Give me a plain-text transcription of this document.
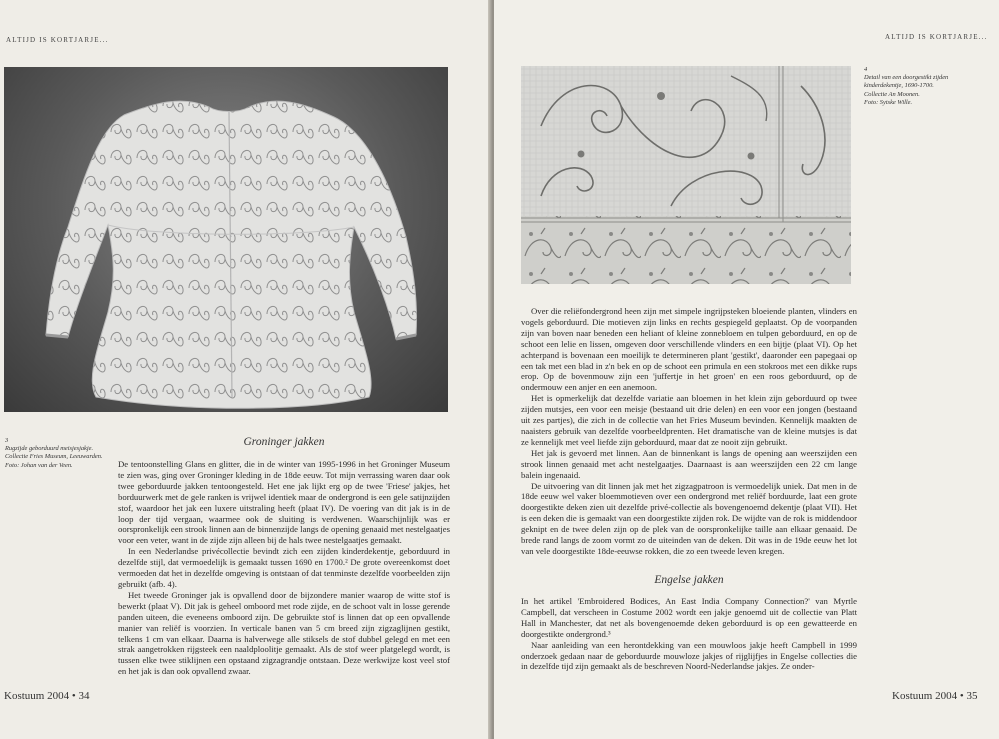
ALTIJD IS KORTJARJE...
3
Rugzijde geborduurd meisjesjakje.
Collectie Fries Museum, Leeuwarden.
Foto: Johan van der Veen.
Groninger jakken

De tentoonstelling Glans en glitter, die in de winter van 1995-1996 in het Groninger Museum te zien was, ging over Groninger kleding in de 18de eeuw. Tot mijn verrassing waren daar ook twee geborduurde jakken tentoongesteld. Het ene jak lijkt erg op de twee 'Friese' jakjes, het borduurwerk met de gele ranken is vrijwel identiek maar de ondergrond is een gele satijnzijden stof, waardoor het jak een luxere uitstraling heeft (plaat IV). De voering van dit jak is in de loop der tijd vergaan, waarmee ook de sluiting is verdwenen. Waarschijnlijk was er oorspronkelijk een strook linnen aan de binnenzijde langs de opening genaaid met nestelgaatjes voor een veter, want in de zijde zijn alleen bij de hals twee nestelgaatjes gemaakt.

In een Nederlandse privécollectie bevindt zich een zijden kinderdekentje, geborduurd in dezelfde stijl, dat vermoedelijk is gemaakt tussen 1690 en 1700.² De grote overeenkomst doet vermoeden dat het in dezelfde omgeving is ontstaan of dat tenminste dezelfde voorbeelden zijn gebruikt (afb. 4).

Het tweede Groninger jak is opvallend door de bijzondere manier waarop de witte stof is bewerkt (plaat V). Dit jak is geheel omboord met rode zijde, en de schoot valt in losse gerende panden uiteen, die eveneens omboord zijn. De gebruikte stof is linnen dat op een opvallende manier van reliëf is voorzien. In verticale banen van 5 cm breed zijn zigzaglijnen gestikt, telkens 1 cm van elkaar. Daarna is halverwege alle stiksels de stof dubbel gelegd en met een strak aangetrokken rijgsteek een naaldploolitje gemaakt. Als de stof weer platgelegd wordt, is tussen elke twee stiklijnen een opstaand zigzagrandje ontstaan. Deze werkwijze kost veel stof en het jak is dan ook opvallend zwaar.

Kostuum 2004 • 34
ALTIJD IS KORTJARJE...
4
Detail van een doorgestikt zijden
kinderdekentje, 1690-1700.
Collectie An Moonen.
Foto: Sytske Wille.

Over die reliëfondergrond heen zijn met simpele ingrijpsteken bloeiende planten, vlinders en vogels geborduurd. Die motieven zijn links en rechts gespiegeld geplaatst. Op de voorpanden zijn van boven naar beneden een heliant of kleine zonnebloem en tulpen geborduurd, en op de schoot een lelie en lissen, omgeven door verschillende vlinders en een bijtje (plaat VI). Op het achterpand is bovenaan een moeilijk te determineren plant 'gestikt', daaronder een papegaai op een tak met een blad in z'n bek en op de schoot een primula en een stokroos met een dikke rups erop. Op de bovenmouw zijn een 'juffertje in het groen' en een roos geborduurd, op de ondermouw een anjer en een anemoon.

Het is opmerkelijk dat dezelfde variatie aan bloemen in het klein zijn geborduurd op twee zijden mutsjes, een voor een meisje (bestaand uit drie delen) en een voor een jongen (bestaand uit zes partjes), die zich in de collectie van het Fries Museum bevinden. Kennelijk maakten de naaisters gebruik van dezelfde voorbeeldprenten. Het dramatische van de kleine mutsjes is dat ze kennelijk met veel liefde zijn geborduurd, maar dat ze nooit zijn gebruikt.

Het jak is gevoerd met linnen. Aan de binnenkant is langs de opening aan weerszijden een strook linnen genaaid met acht nestelgaatjes. Daarnaast is aan weerszijden een 22 cm lange balein ingenaaid.

De uitvoering van dit linnen jak met het zigzagpatroon is vermoedelijk uniek. Dat men in de 18de eeuw wel vaker bloemmotieven over een ondergrond met reliëf borduurde, laat een grote doorgestikte deken zien uit dezelfde privé-collectie als bovengenoemd dekentje (plaat VII). Het is een deken die is gemaakt van een doorgestikte zijden rok. De wijdte van de rok is middendoor geknipt en de twee delen zijn op de plek van de oorspronkelijke taille aan elkaar genaaid. De brede rand langs de zoom vormt zo de uiteinden van de deken. Dit was in de 19de eeuw het lot van vele doorgestikte 18de-eeuwse rokken, die zo een tweede leven kregen.

Engelse jakken

In het artikel 'Embroidered Bodices, An East India Company Connection?' van Myrtle Campbell, dat verscheen in Costume 2002 wordt een jakje genoemd uit de collectie van Platt Hall in Manchester, dat net als bovengenoemde deken geborduurd is op een gewatteerde en doorgestikte ondergrond.³

Naar aanleiding van een herontdekking van een mouwloos jakje heeft Campbell in 1999 onderzoek gedaan naar de geborduurde mouwloze jakjes of rijglijfjes in Engelse collecties die in dezelfde tijd zijn gemaakt als de beschreven Noord-Nederlandse jakjes. Ze onder-

Kostuum 2004 • 35
